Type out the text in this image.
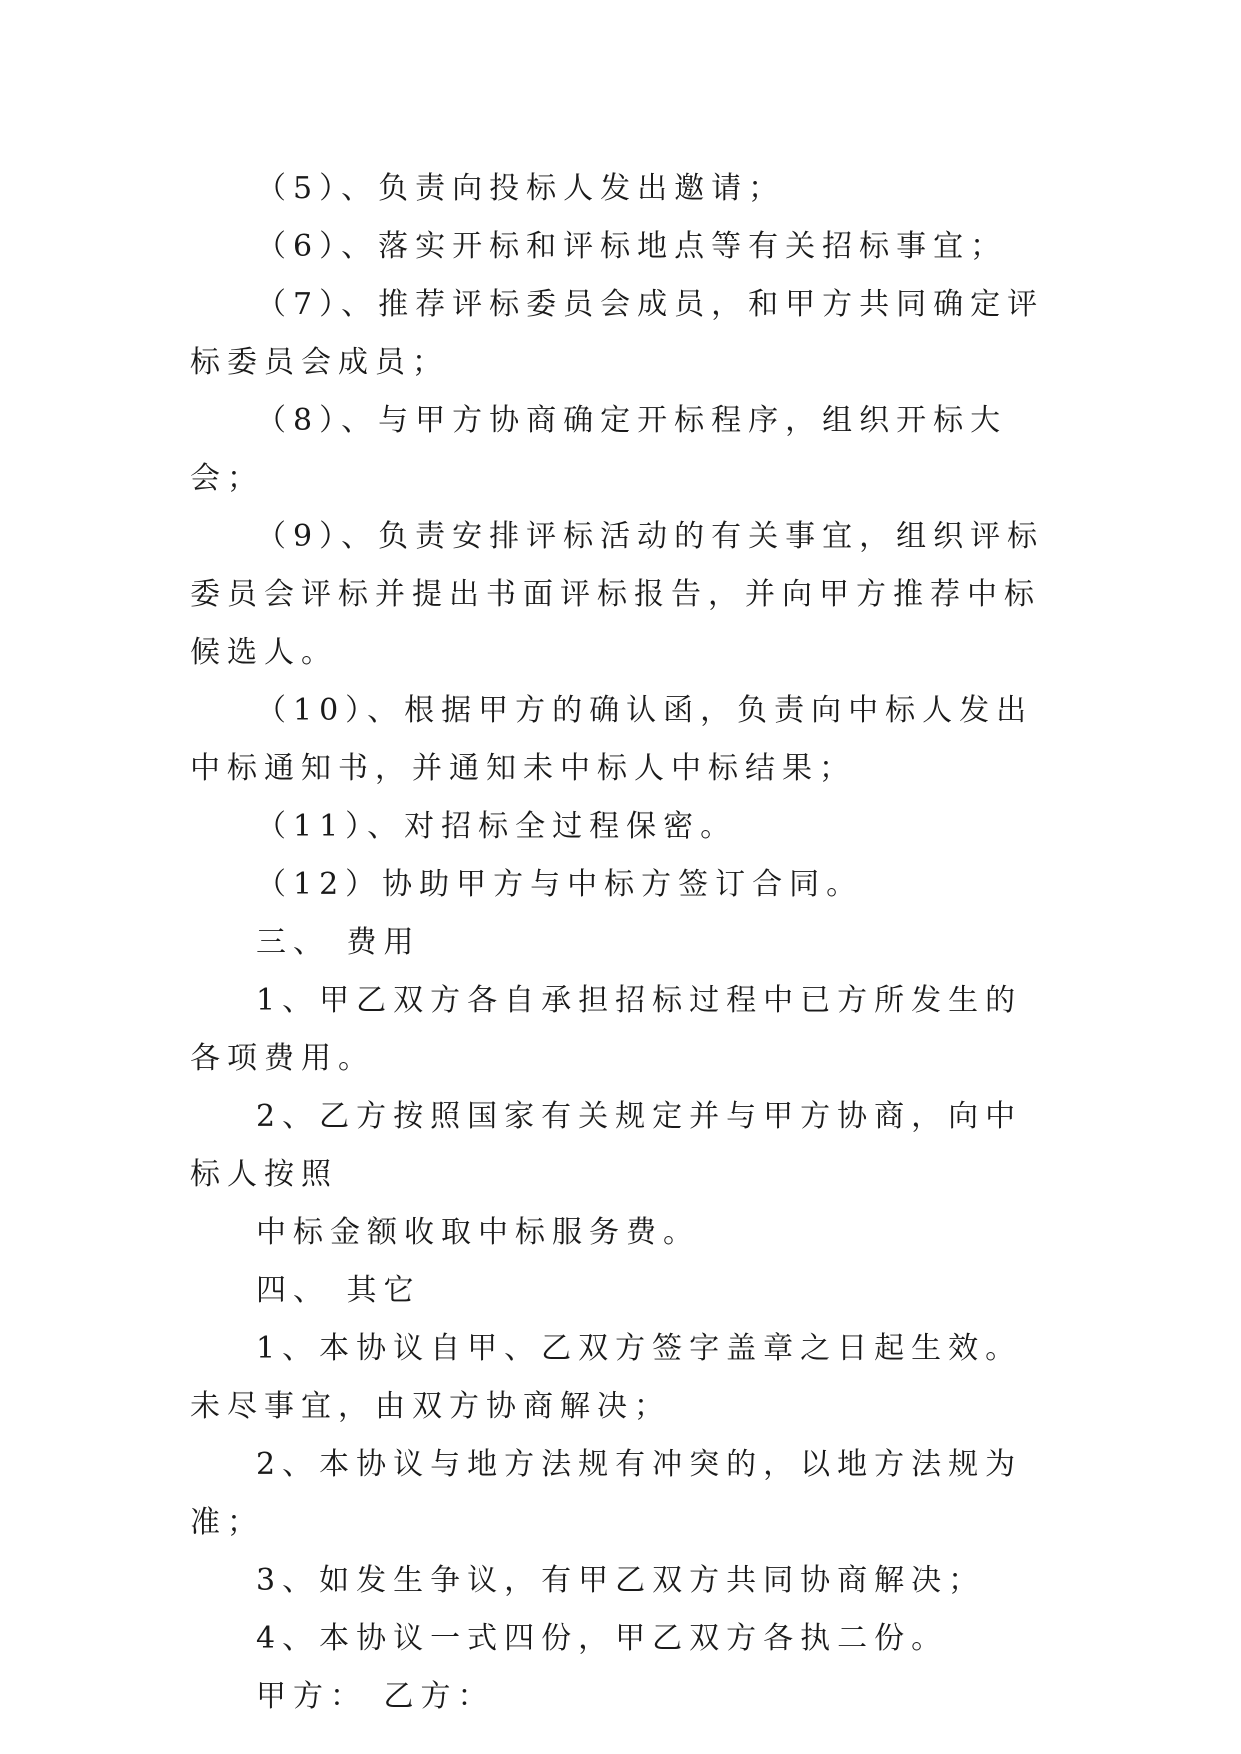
（5）、负责向投标人发出邀请；

（6）、落实开标和评标地点等有关招标事宜；

（7）、推荐评标委员会成员，和甲方共同确定评标委员会成员；

（8）、与甲方协商确定开标程序，组织开标大会；

（9）、负责安排评标活动的有关事宜，组织评标委员会评标并提出书面评标报告，并向甲方推荐中标候选人。

（10）、根据甲方的确认函，负责向中标人发出中标通知书，并通知未中标人中标结果；

（11）、对招标全过程保密。

（12）协助甲方与中标方签订合同。

三、 费用

1、甲乙双方各自承担招标过程中已方所发生的各项费用。

2、乙方按照国家有关规定并与甲方协商，向中标人按照

中标金额收取中标服务费。

四、 其它

1、本协议自甲、乙双方签字盖章之日起生效。未尽事宜，由双方协商解决；

2、本协议与地方法规有冲突的，以地方法规为准；

3、如发生争议，有甲乙双方共同协商解决；

4、本协议一式四份，甲乙双方各执二份。

甲方： 乙方：
